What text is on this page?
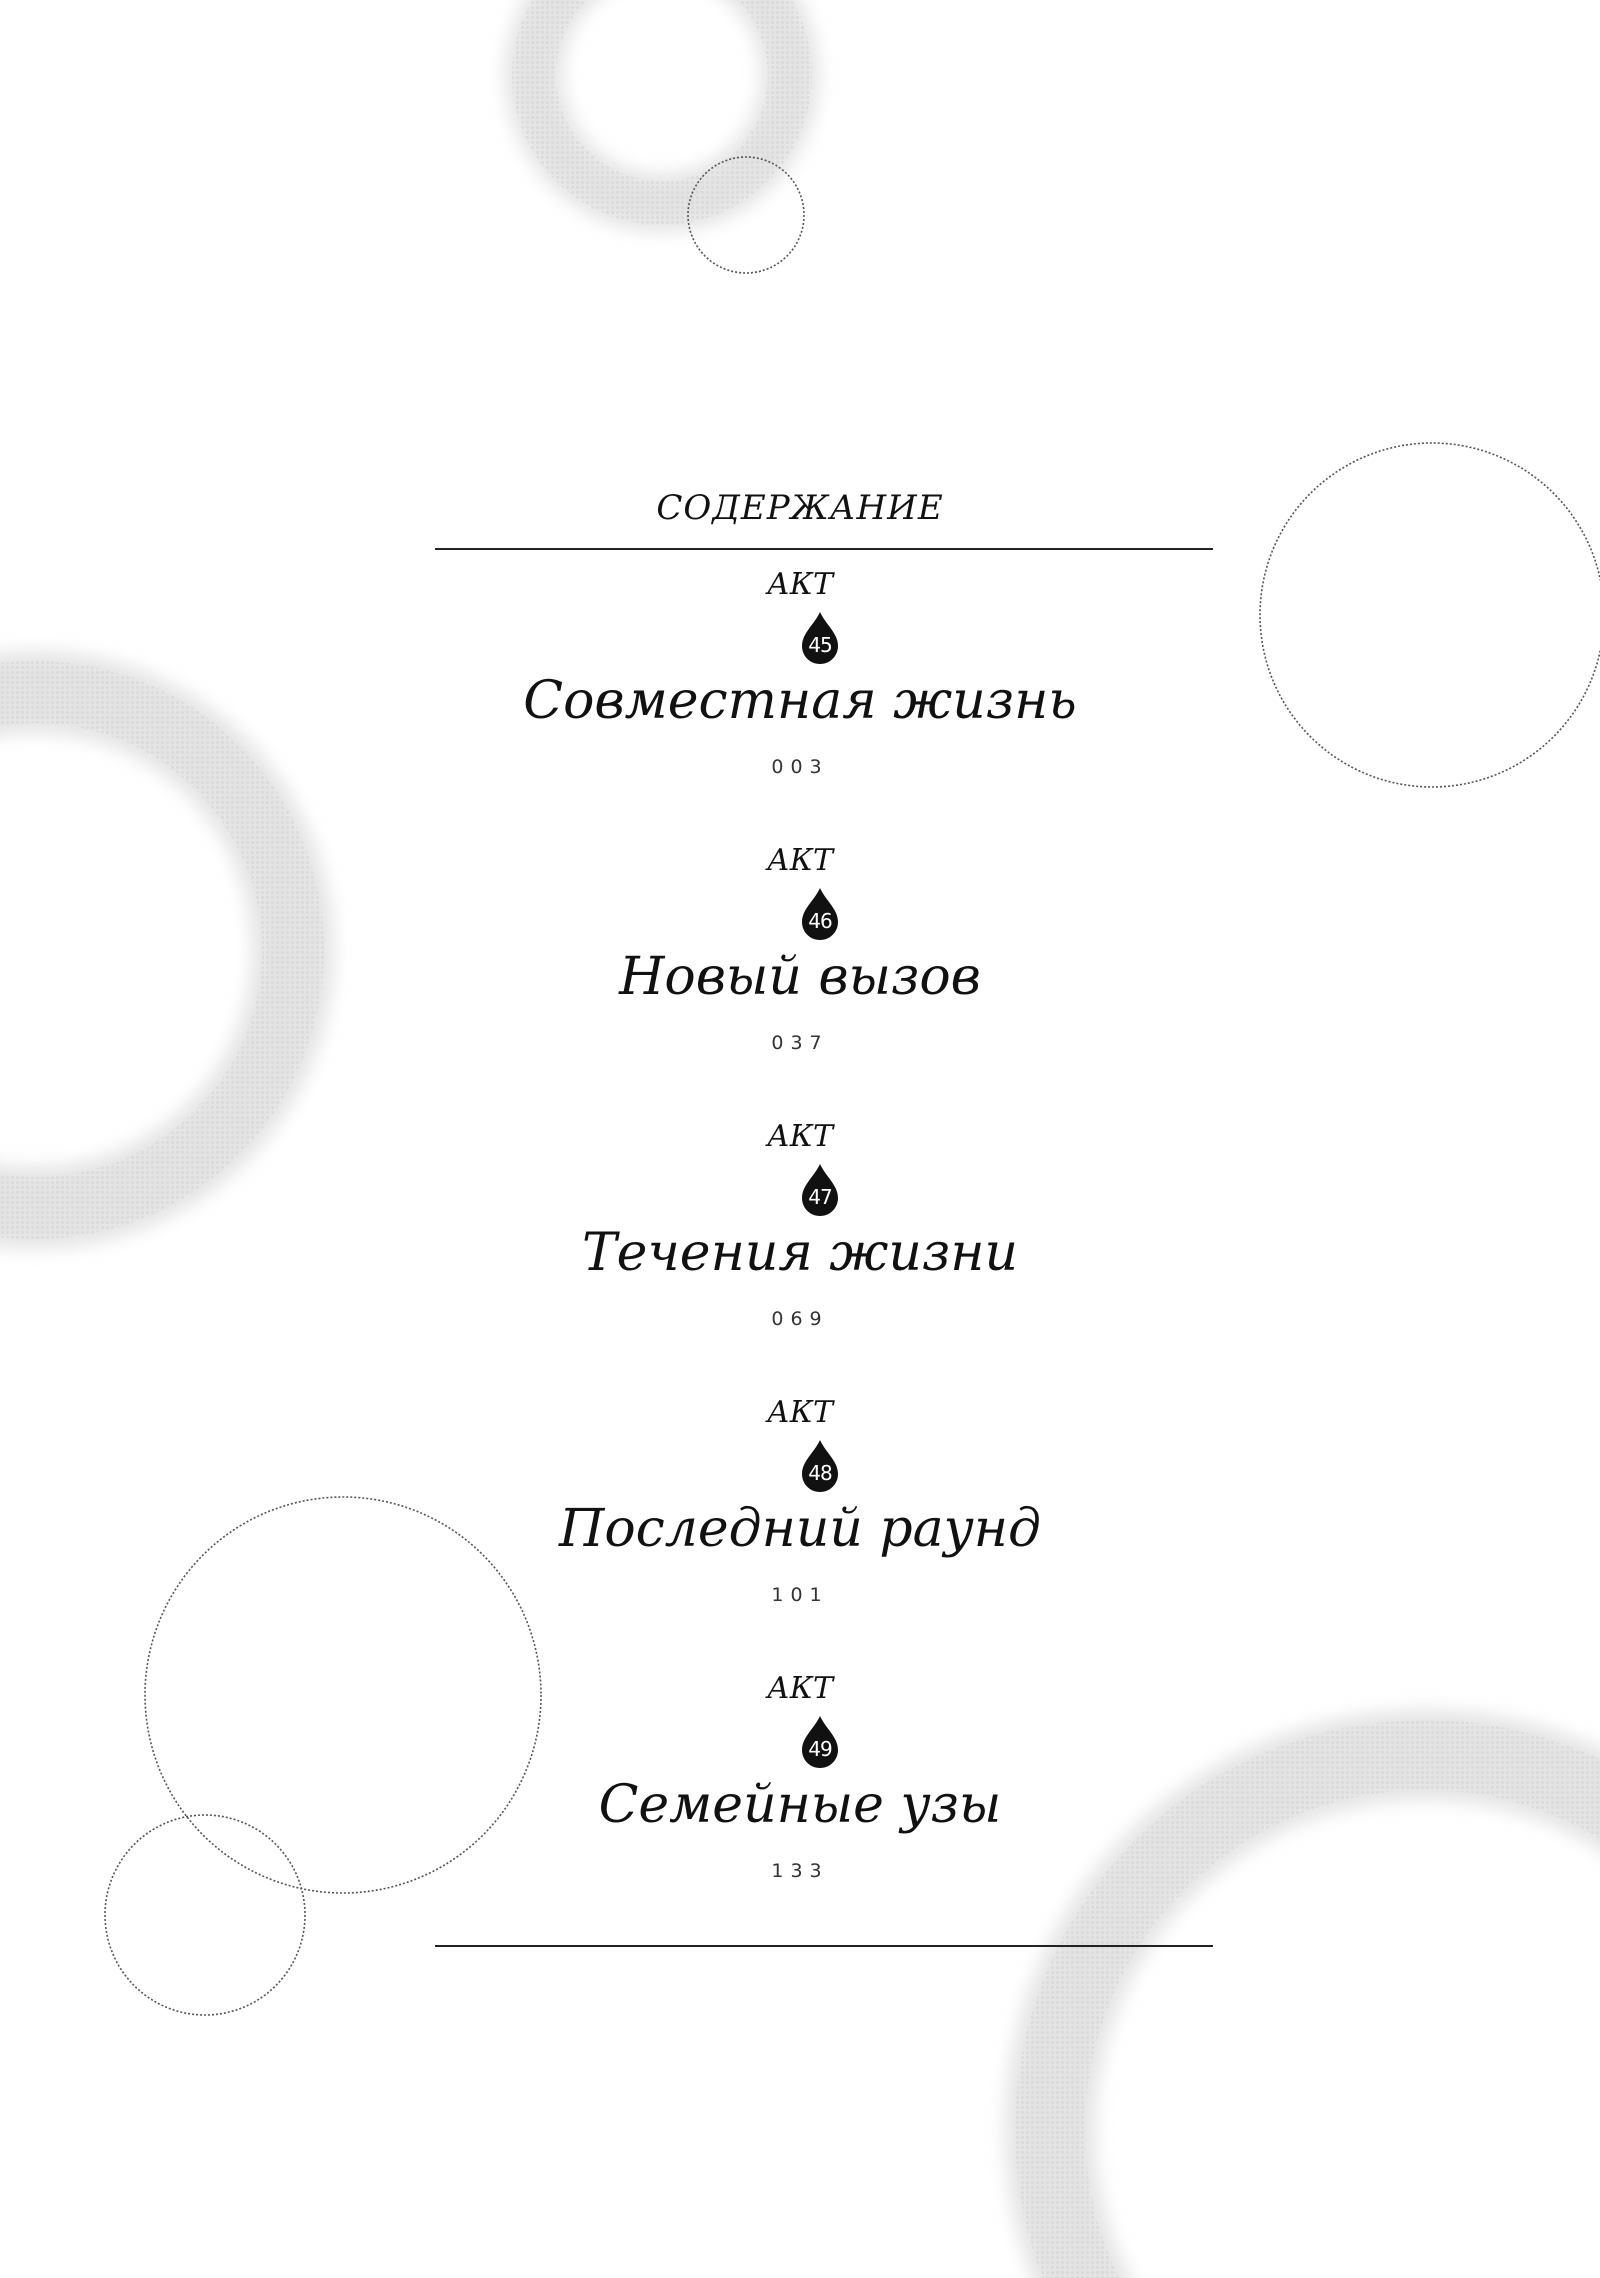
СОДЕРЖАНИЕ
АКТ
45
Совместная жизнь
003
АКТ
46
Новый вызов
037
АКТ
47
Течения жизни
069
АКТ
48
Последний раунд
101
АКТ
49
Семейные узы
133
